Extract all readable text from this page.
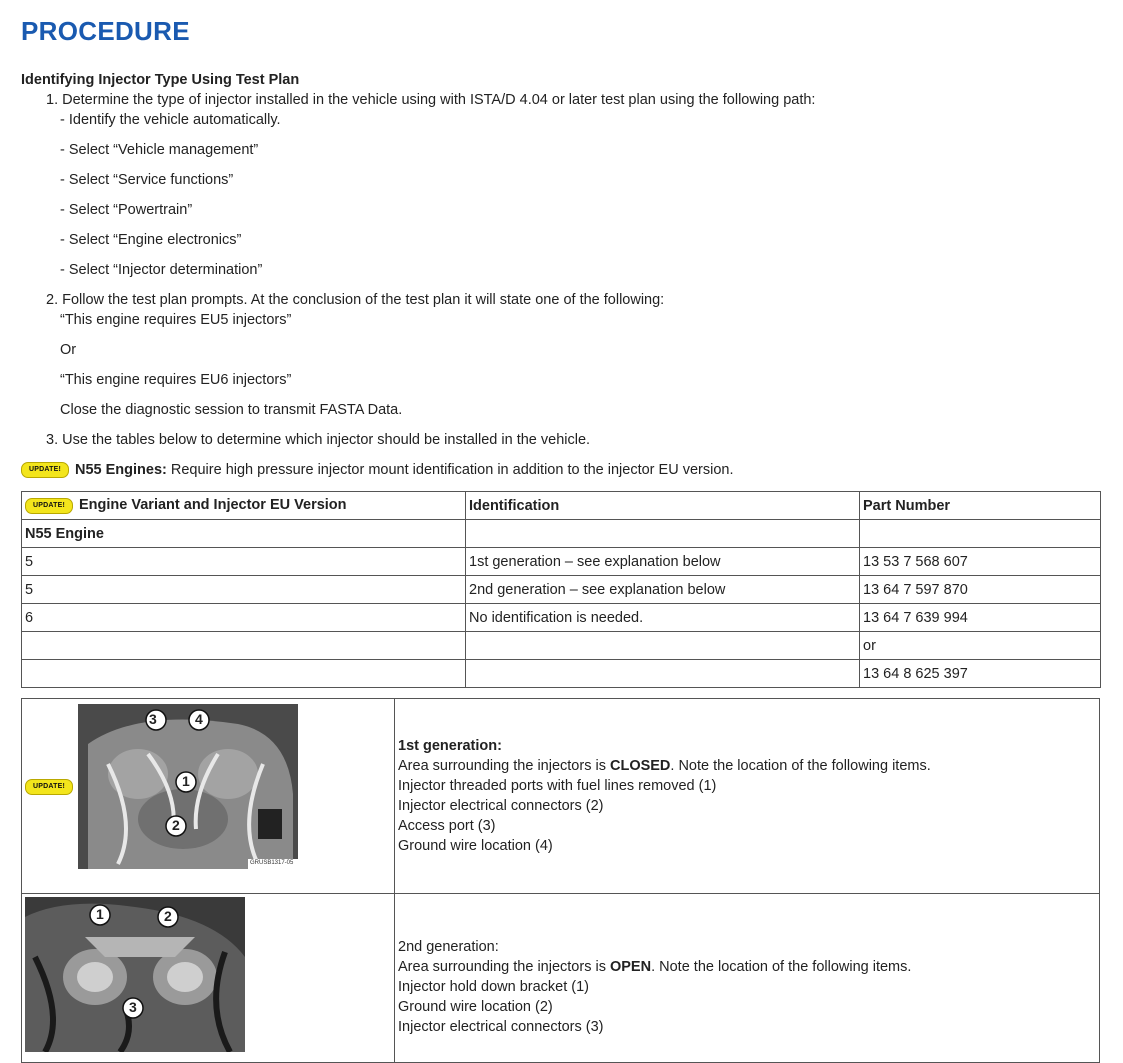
PROCEDURE
Identifying Injector Type Using Test Plan
1. Determine the type of injector installed in the vehicle using with ISTA/D 4.04 or later test plan using the following path:
- Identify the vehicle automatically.
- Select “Vehicle management”
- Select “Service functions”
- Select “Powertrain”
- Select “Engine electronics”
- Select “Injector determination”
2. Follow the test plan prompts. At the conclusion of the test plan it will state one of the following:
“This engine requires EU5 injectors”
Or
“This engine requires EU6 injectors”
Close the diagnostic session to transmit FASTA Data.
3. Use the tables below to determine which injector should be installed in the vehicle.
UPDATE! N55 Engines: Require high pressure injector mount identification in addition to the injector EU version.
UPDATE! Engine Variant and Injector EU Version	Identification	Part Number
N55 Engine		
5	1st generation – see explanation below	13 53 7 568 607
5	2nd generation – see explanation below	13 64 7 597 870
6	No identification is needed.	13 64 7 639 994
		or
		13 64 8 625 397
UPDATE!
3	4
1
2
GRUSB1317-05
1st generation:
Area surrounding the injectors is CLOSED. Note the location of the following items.
Injector threaded ports with fuel lines removed (1)
Injector electrical connectors (2)
Access port (3)
Ground wire location (4)
1	2
3
2nd generation:
Area surrounding the injectors is OPEN. Note the location of the following items.
Injector hold down bracket (1)
Ground wire location (2)
Injector electrical connectors (3)
